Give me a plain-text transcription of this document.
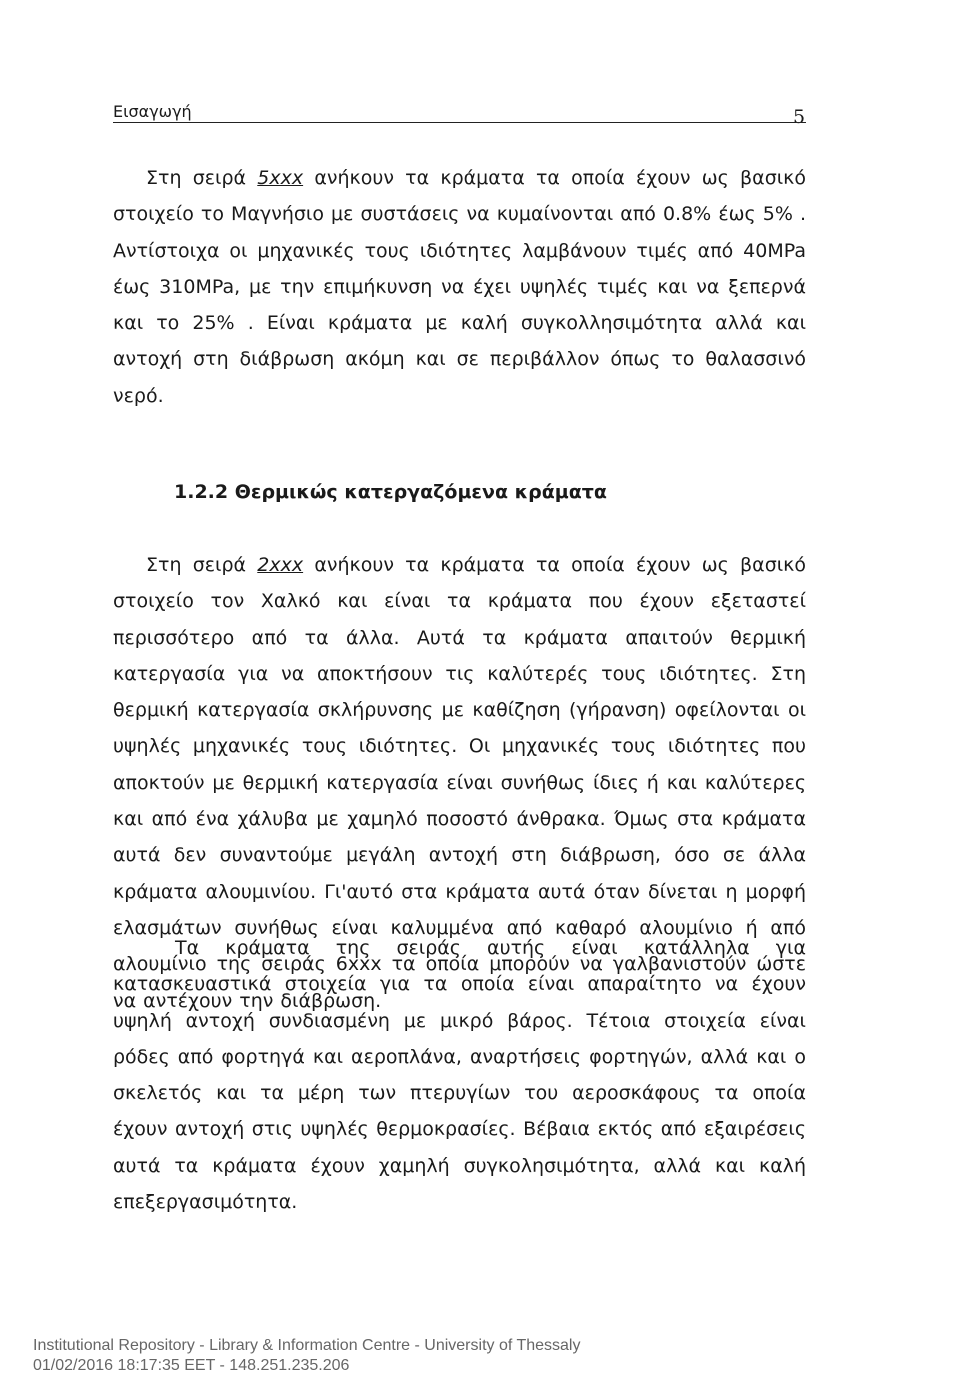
Εισαγωγή	5

Στη σειρά 5xxx ανήκουν τα κράματα τα οποία έχουν ως βασικό στοιχείο το Μαγνήσιο με συστάσεις να κυμαίνονται από 0.8% έως 5% . Αντίστοιχα οι μηχανικές τους ιδιότητες λαμβάνουν τιμές από 40MPa έως 310MPa, με την επιμήκυνση να έχει υψηλές τιμές και να ξεπερνά και το 25% . Είναι κράματα με καλή συγκολλησιμότητα αλλά και αντοχή στη διάβρωση ακόμη και σε περιβάλλον όπως το θαλασσινό νερό.

1.2.2 Θερμικώς κατεργαζόμενα κράματα

Στη σειρά 2xxx ανήκουν τα κράματα τα οποία έχουν ως βασικό στοιχείο τον Χαλκό και είναι τα κράματα που έχουν εξεταστεί περισσότερο από τα άλλα. Αυτά τα κράματα απαιτούν θερμική κατεργασία για να αποκτήσουν τις καλύτερές τους ιδιότητες. Στη θερμική κατεργασία σκλήρυνσης με καθίζηση (γήρανση) οφείλονται οι υψηλές μηχανικές τους ιδιότητες. Οι μηχανικές τους ιδιότητες που αποκτούν με θερμική κατεργασία είναι συνήθως ίδιες ή και καλύτερες και από ένα χάλυβα με χαμηλό ποσοστό άνθρακα. Όμως στα κράματα αυτά δεν συναντούμε μεγάλη αντοχή στη διάβρωση, όσο σε άλλα κράματα αλουμινίου. Γι'αυτό στα κράματα αυτά όταν δίνεται η μορφή ελασμάτων συνήθως είναι καλυμμένα από καθαρό αλουμίνιο ή από αλουμίνιο της σειράς 6xxx τα οποία μπορούν να γαλβανιστούν ώστε να αντέχουν την διάβρωση.

Τα κράματα της σειράς αυτής είναι κατάλληλα για κατασκευαστικά στοιχεία για τα οποία είναι απαραίτητο να έχουν υψηλή αντοχή συνδιασμένη με μικρό βάρος. Τέτοια στοιχεία είναι ρόδες από φορτηγά και αεροπλάνα, αναρτήσεις φορτηγών, αλλά και ο σκελετός και τα μέρη των πτερυγίων του αεροσκάφους τα οποία έχουν αντοχή στις υψηλές θερμοκρασίες. Βέβαια εκτός από εξαιρέσεις αυτά τα κράματα έχουν χαμηλή συγκολησιμότητα, αλλά και καλή επεξεργασιμότητα.

Institutional Repository - Library & Information Centre - University of Thessaly
01/02/2016 18:17:35 EET - 148.251.235.206
